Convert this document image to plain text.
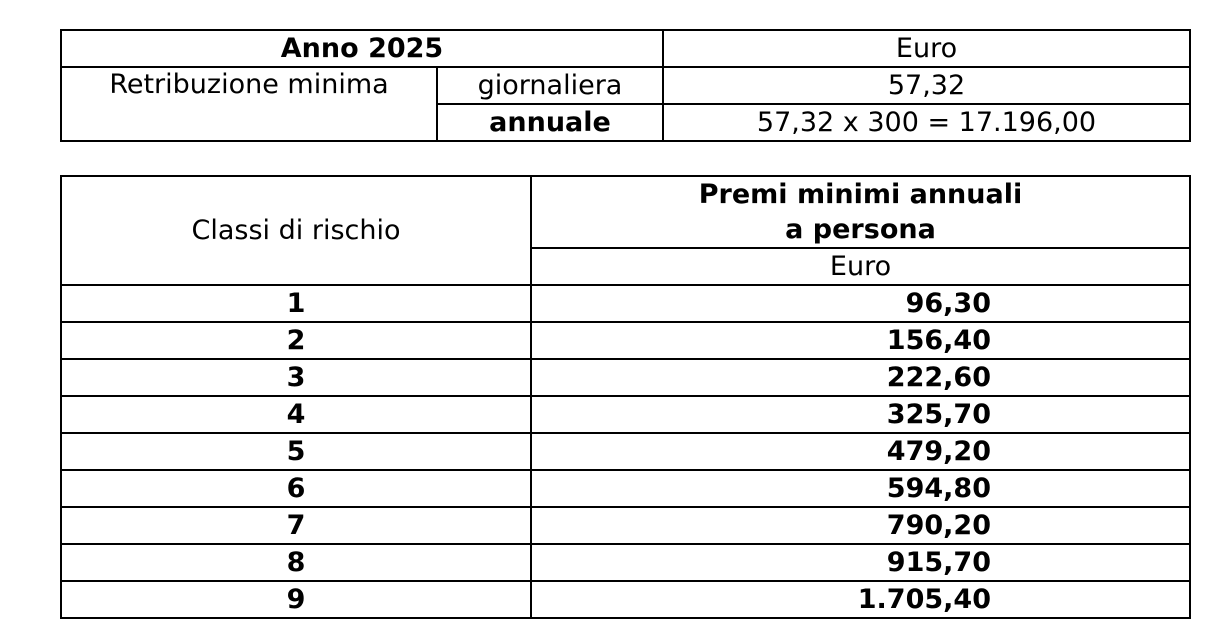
Anno 2025		Euro
Retribuzione minima	giornaliera	57,32
	annuale	57,32 x 300 = 17.196,00
Classi di rischio	Premi minimi annuali
a persona

	Euro
1	96,30
2	156,40
3	222,60
4	325,70
5	479,20
6	594,80
7	790,20
8	915,70
9	1.705,40
